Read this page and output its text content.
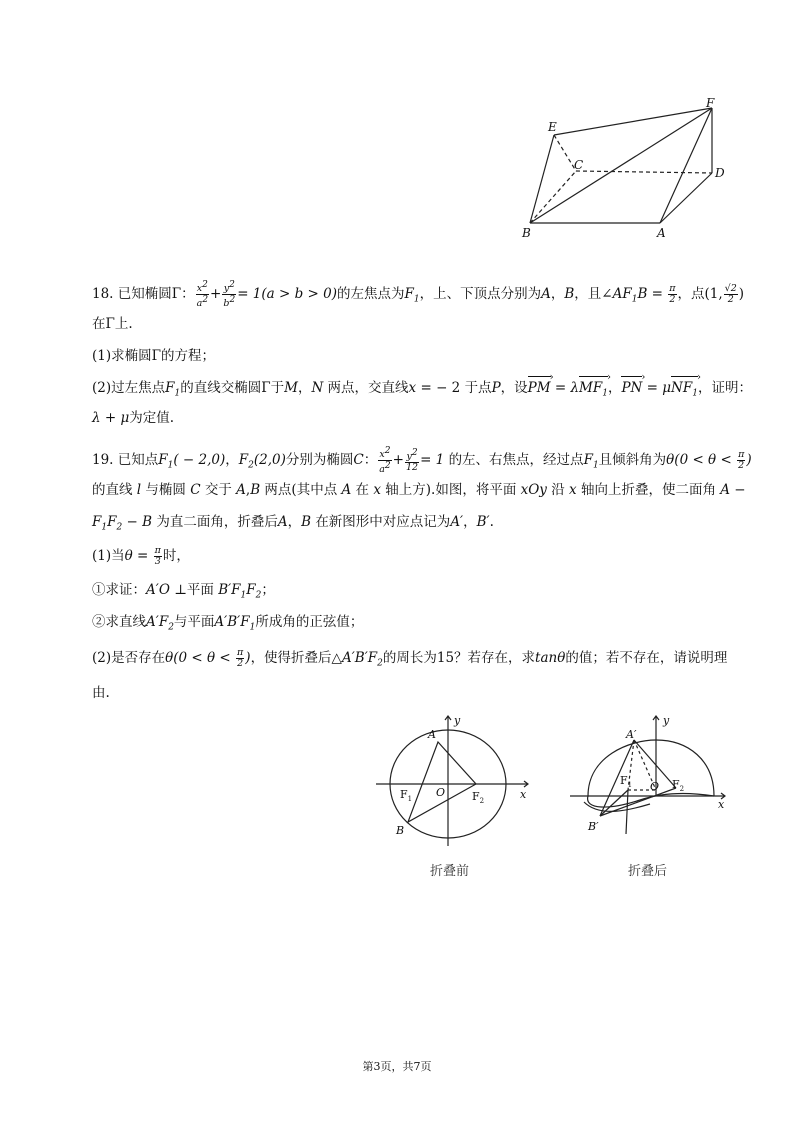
E
F
C
D
B	A
18. 已知椭圆Γ： $\frac{x^2}{a^2} + \frac{y^2}{b^2} = 1(a > b > 0)$的左焦点为$F_1$，上、下顶点分别为A，B，且$\angle AF_1B = \frac{\pi}{2}$ ，点(1, $\frac{√2}{2}$ )
在Γ上.
(1)求椭圆Γ的方程；
(2)过左焦点$F_1$的直线交椭圆Γ于M，N 两点，交直线x = − 2 于点P，设PM › = λMF$_1$ ›，PN › = μNF$_1$ ›，证明：
λ + μ为定值.
19. 已知点$F_1( - 2,0)$，$F_2(2,0)$分别为椭圆C： $\frac{x^2}{a^2} + \frac{y^2}{12} = 1$ 的左、右焦点，经过点$F_1$且倾斜角为$\theta(0 < \theta < \frac{\pi}{2}$ )
的直线 l 与椭圆 C 交于 A,B 两点(其中点 A 在 x 轴上方).如图，将平面 xOy 沿 x 轴向上折叠，使二面角 A −
$F_1F_2 - B$ 为直二面角，折叠后A，B 在新图形中对应点记为A′，B′.
(1)当$\theta = \frac{\pi}{3}$ 时，
①求证：A′O ⊥平面 $B'F_1F_2$；
②求直线$A'F_2$与平面$A'B'F_1$所成角的正弦值；
(2)是否存在$\theta(0 < \theta < \frac{\pi}{2}$ )，使得折叠后$\triangle A'B'F_2$的周长为15？若存在，求tanθ的值；若不存在，请说明理
由.
y
x
A
B
O
$F_1$	$F_2$
折叠前
y
x
A′
B′
O
$F_1$	$F_2$
折叠后
第3页，共7页
